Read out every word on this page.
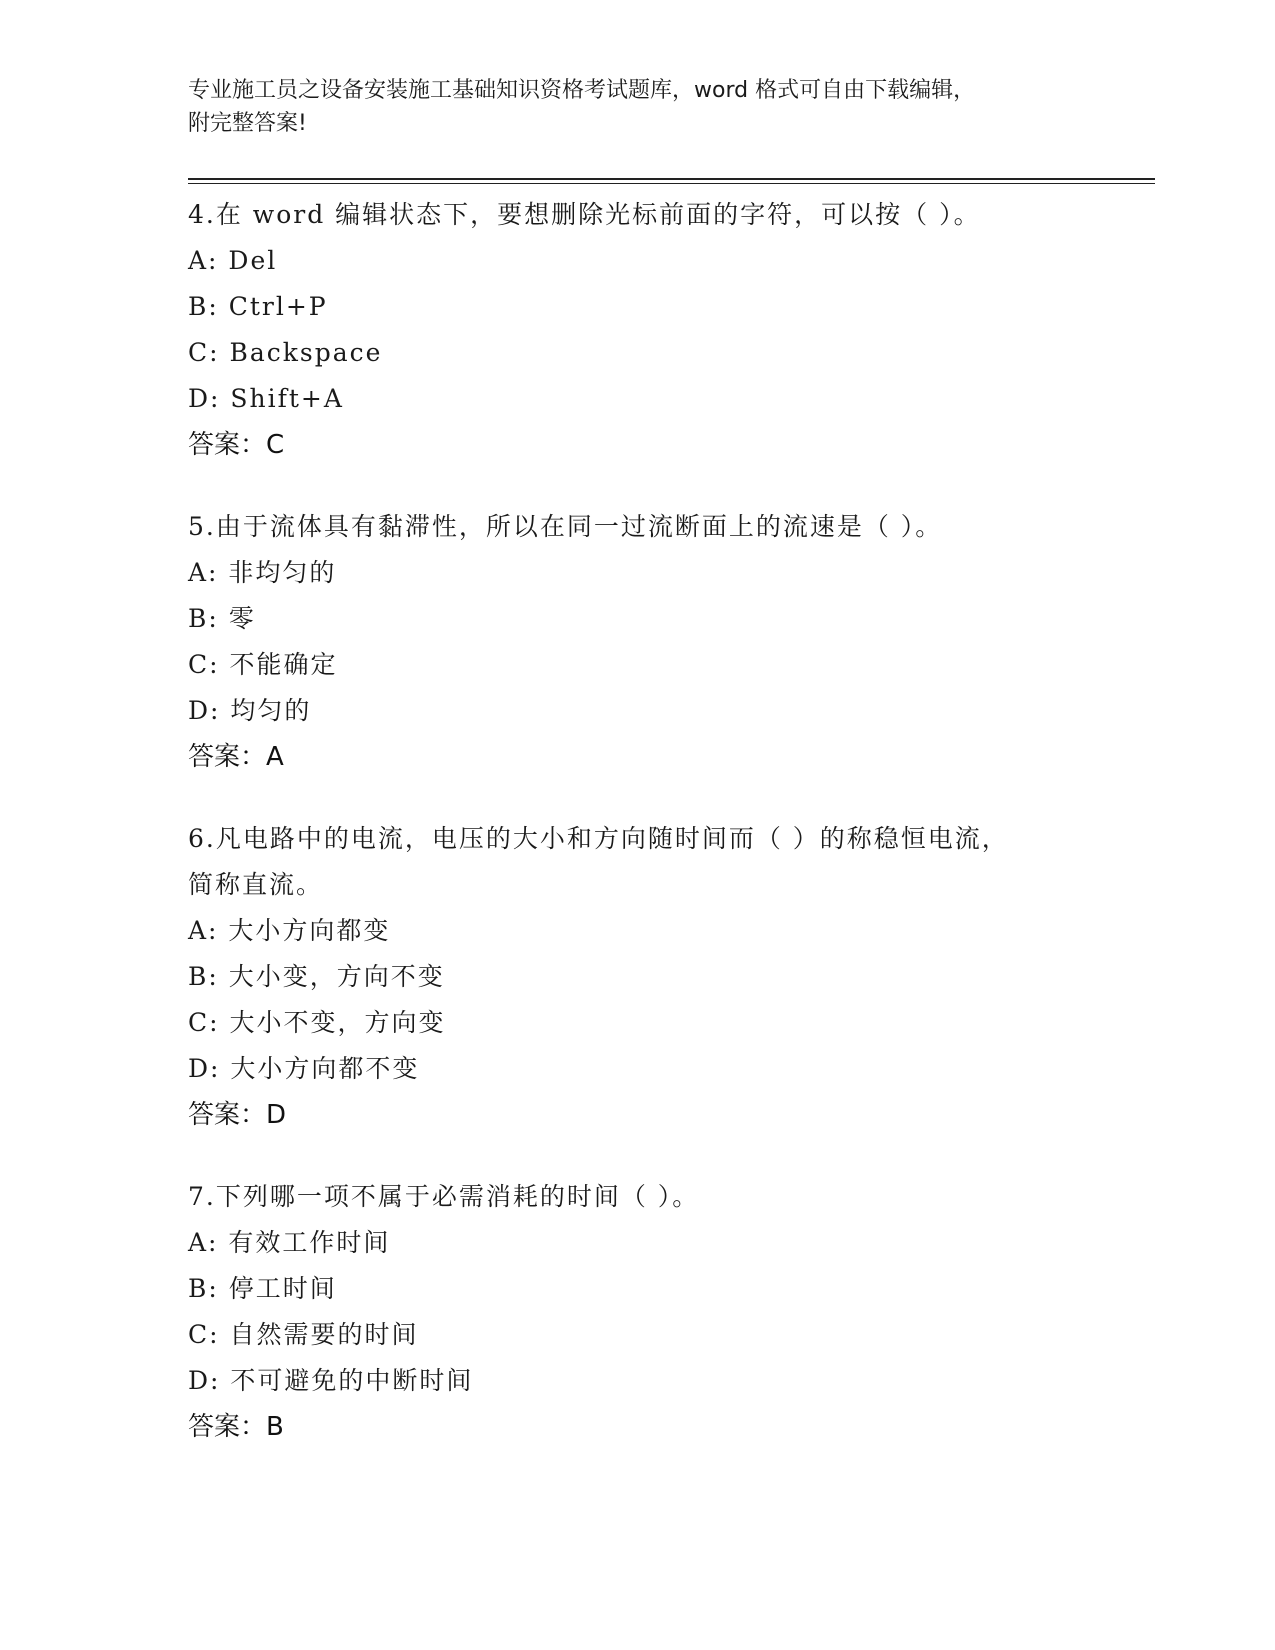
专业施工员之设备安装施工基础知识资格考试题库，word 格式可自由下载编辑，
附完整答案!
4.在 word 编辑状态下，要想删除光标前面的字符，可以按（ ）。
A: Del
B: Ctrl+P
C: Backspace
D: Shift+A
答案：C
5.由于流体具有黏滞性，所以在同一过流断面上的流速是（ ）。
A: 非均匀的
B: 零
C: 不能确定
D: 均匀的
答案：A
6.凡电路中的电流，电压的大小和方向随时间而（ ）的称稳恒电流，
简称直流。
A: 大小方向都变
B: 大小变，方向不变
C: 大小不变，方向变
D: 大小方向都不变
答案：D
7.下列哪一项不属于必需消耗的时间（ ）。
A: 有效工作时间
B: 停工时间
C: 自然需要的时间
D: 不可避免的中断时间
答案：B
